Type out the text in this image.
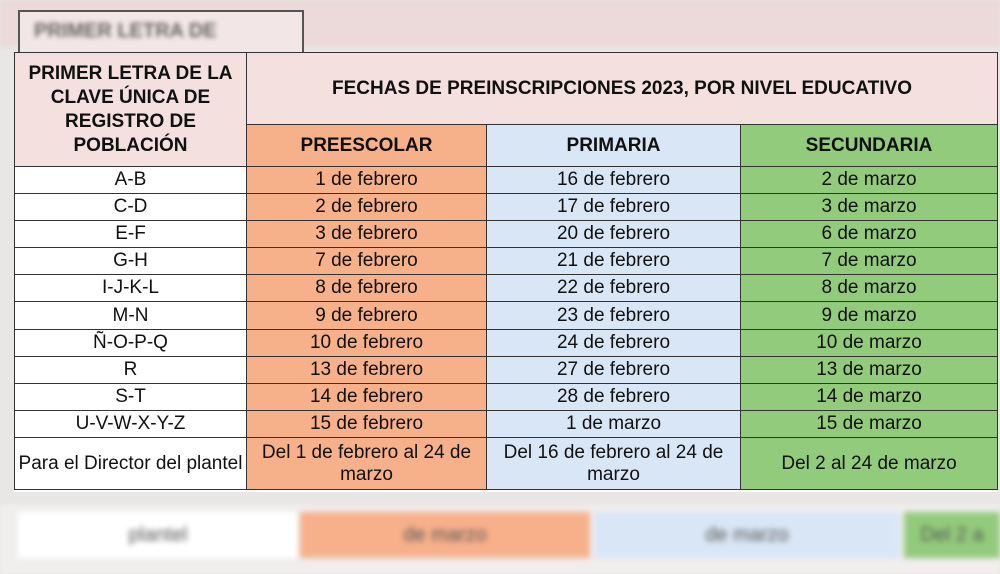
PRIMER LETRA DE
plantel	de marzo	de marzo	Del 2 a
PRIMER LETRA DE LA CLAVE ÚNICA DE REGISTRO DE POBLACIÓN	FECHAS DE PREINSCRIPCIONES 2023, POR NIVEL EDUCATIVO		
	PREESCOLAR	PRIMARIA	SECUNDARIA
A-B	1 de febrero	16 de febrero	2 de marzo
C-D	2 de febrero	17 de febrero	3 de marzo
E-F	3 de febrero	20 de febrero	6 de marzo
G-H	7 de febrero	21 de febrero	7 de marzo
I-J-K-L	8 de febrero	22 de febrero	8 de marzo
M-N	9 de febrero	23 de febrero	9 de marzo
Ñ-O-P-Q	10 de febrero	24 de febrero	10 de marzo
R	13 de febrero	27 de febrero	13 de marzo
S-T	14 de febrero	28 de febrero	14 de marzo
U-V-W-X-Y-Z	15 de febrero	1 de marzo	15 de marzo
Para el Director del plantel	Del 1 de febrero al 24 de marzo	Del 16 de febrero al 24 de marzo	Del 2 al 24 de marzo
